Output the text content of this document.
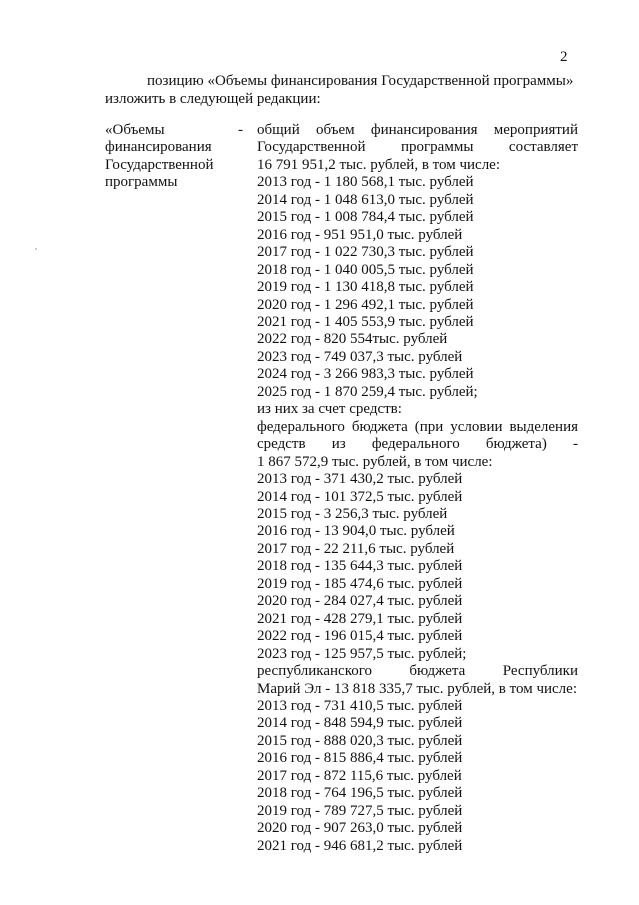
2
позицию «Объемы финансирования Государственной программы»
изложить в следующей редакции:
«Объемы
финансирования
Государственной
программы
- общий объем финансирования мероприятий
Государственной программы составляет
16 791 951,2 тыс. рублей, в том числе:
2013 год - 1 180 568,1 тыс. рублей
2014 год - 1 048 613,0 тыс. рублей
2015 год - 1 008 784,4 тыс. рублей
2016 год - 951 951,0 тыс. рублей
2017 год - 1 022 730,3 тыс. рублей
2018 год - 1 040 005,5 тыс. рублей
2019 год - 1 130 418,8 тыс. рублей
2020 год - 1 296 492,1 тыс. рублей
2021 год - 1 405 553,9 тыс. рублей
2022 год - 820 554тыс. рублей
2023 год - 749 037,3 тыс. рублей
2024 год - 3 266 983,3 тыс. рублей
2025 год - 1 870 259,4 тыс. рублей;
из них за счет средств:
федерального бюджета (при условии выделения
средств из федерального бюджета) -
1 867 572,9 тыс. рублей, в том числе:
2013 год - 371 430,2 тыс. рублей
2014 год - 101 372,5 тыс. рублей
2015 год - 3 256,3 тыс. рублей
2016 год - 13 904,0 тыс. рублей
2017 год - 22 211,6 тыс. рублей
2018 год - 135 644,3 тыс. рублей
2019 год - 185 474,6 тыс. рублей
2020 год - 284 027,4 тыс. рублей
2021 год - 428 279,1 тыс. рублей
2022 год - 196 015,4 тыс. рублей
2023 год - 125 957,5 тыс. рублей;
республиканского бюджета Республики
Марий Эл - 13 818 335,7 тыс. рублей, в том числе:
2013 год - 731 410,5 тыс. рублей
2014 год - 848 594,9 тыс. рублей
2015 год - 888 020,3 тыс. рублей
2016 год - 815 886,4 тыс. рублей
2017 год - 872 115,6 тыс. рублей
2018 год - 764 196,5 тыс. рублей
2019 год - 789 727,5 тыс. рублей
2020 год - 907 263,0 тыс. рублей
2021 год - 946 681,2 тыс. рублей
